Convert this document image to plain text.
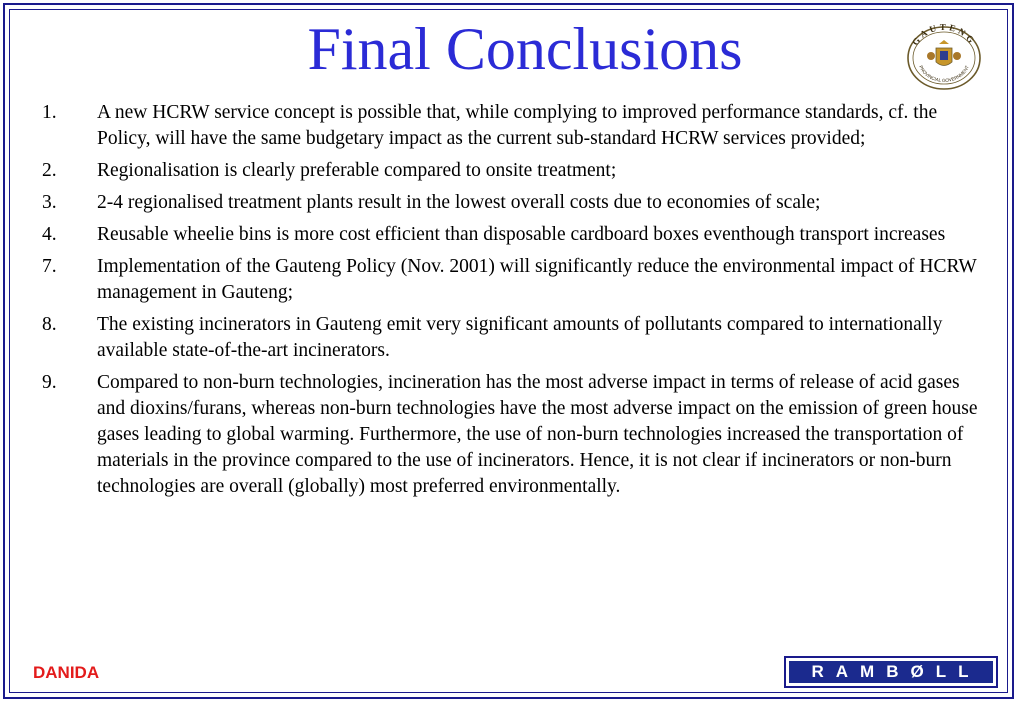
Final Conclusions	GAUTENG
PROVINCIAL GOVERNMENT
1. A new HCRW service concept is possible that, while complying to improved performance standards, cf. the Policy, will have the same budgetary impact as the current sub-standard HCRW services provided;
2. Regionalisation is clearly preferable compared to onsite treatment;
3. 2-4 regionalised treatment plants result in the lowest overall costs due to economies of scale;
4. Reusable wheelie bins is more cost efficient than disposable cardboard boxes eventhough transport increases
7. Implementation of the Gauteng Policy (Nov. 2001) will significantly reduce the environmental impact of HCRW management in Gauteng;
8. The existing incinerators in Gauteng emit very significant amounts of pollutants compared to internationally available state-of-the-art incinerators.
9. Compared to non-burn technologies, incineration has the most adverse impact in terms of release of acid gases and dioxins/furans, whereas non-burn technologies have the most adverse impact on the emission of green house gases leading to global warming. Furthermore, the use of non-burn technologies increased the transportation of materials in the province compared to the use of incinerators. Hence, it is not clear if incinerators or non-burn technologies are overall (globally) most preferred environmentally.
DANIDA	RAMBØLL
